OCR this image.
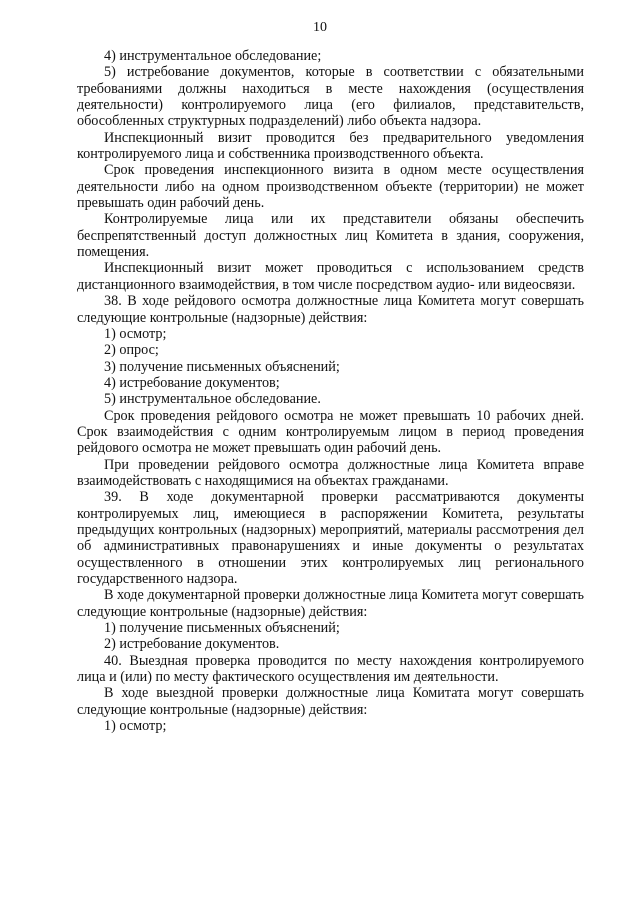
10

4) инструментальное обследование;

5) истребование документов, которые в соответствии с обязательными требованиями должны находиться в месте нахождения (осуществления деятельности) контролируемого лица (его филиалов, представительств, обособленных структурных подразделений) либо объекта надзора.

Инспекционный визит проводится без предварительного уведомления контролируемого лица и собственника производственного объекта.

Срок проведения инспекционного визита в одном месте осуществления деятельности либо на одном производственном объекте (территории) не может превышать один рабочий день.

Контролируемые лица или их представители обязаны обеспечить беспрепятственный доступ должностных лиц Комитета в здания, сооружения, помещения.

Инспекционный визит может проводиться с использованием средств дистанционного взаимодействия, в том числе посредством аудио- или видеосвязи.

38. В ходе рейдового осмотра должностные лица Комитета могут совершать следующие контрольные (надзорные) действия:

1) осмотр;

2) опрос;

3) получение письменных объяснений;

4) истребование документов;

5) инструментальное обследование.

Срок проведения рейдового осмотра не может превышать 10 рабочих дней. Срок взаимодействия с одним контролируемым лицом в период проведения рейдового осмотра не может превышать один рабочий день.

При проведении рейдового осмотра должностные лица Комитета вправе взаимодействовать с находящимися на объектах гражданами.

39. В ходе документарной проверки рассматриваются документы контролируемых лиц, имеющиеся в распоряжении Комитета, результаты предыдущих контрольных (надзорных) мероприятий, материалы рассмотрения дел об административных правонарушениях и иные документы о результатах осуществленного в отношении этих контролируемых лиц регионального государственного надзора.

В ходе документарной проверки должностные лица Комитета могут совершать следующие контрольные (надзорные) действия:

1) получение письменных объяснений;

2) истребование документов.

40. Выездная проверка проводится по месту нахождения контролируемого лица и (или) по месту фактического осуществления им деятельности.

В ходе выездной проверки должностные лица Комитата могут совершать следующие контрольные (надзорные) действия:

1) осмотр;
